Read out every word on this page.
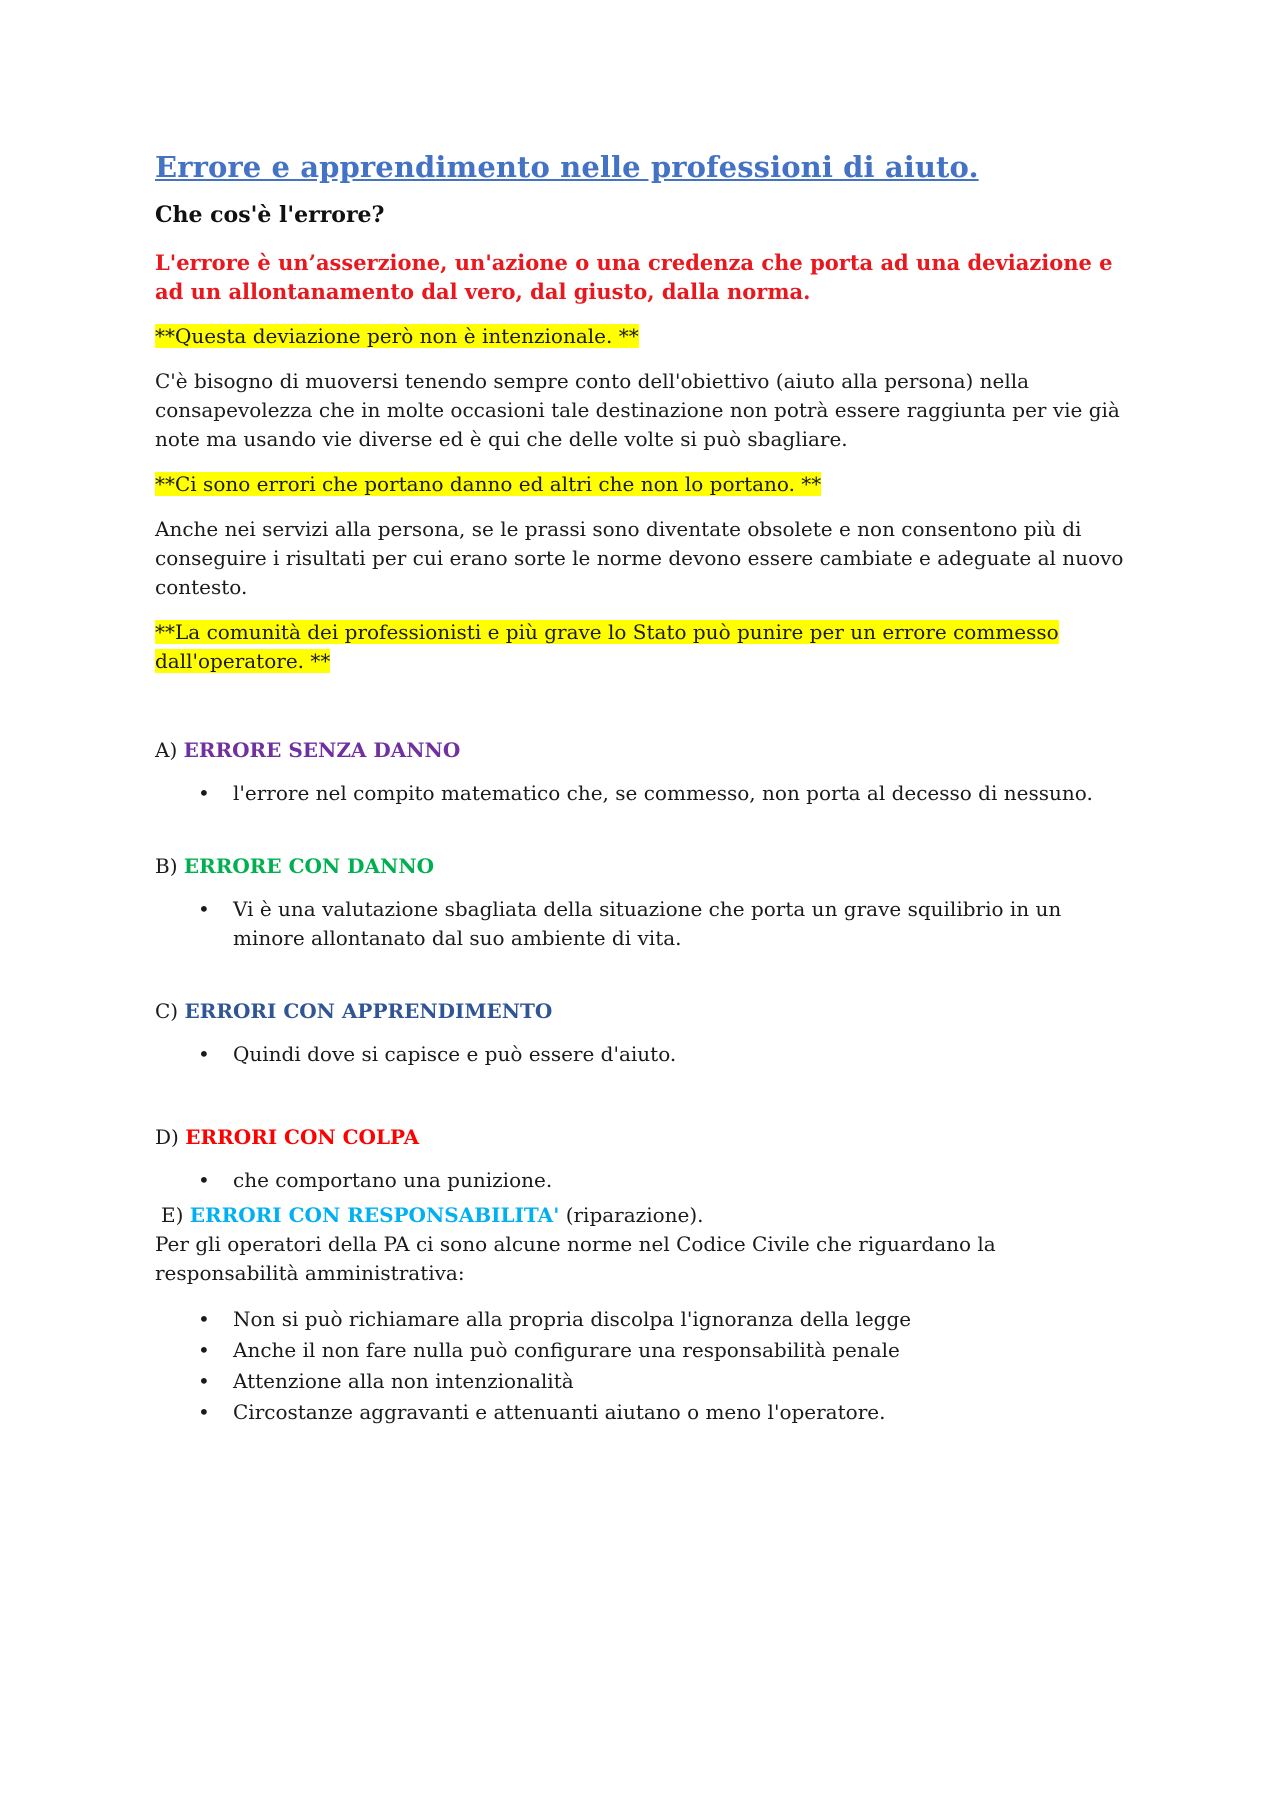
Errore e apprendimento nelle professioni di aiuto.
Che cos'è l'errore?
L'errore è un’asserzione, un'azione o una credenza che porta ad una deviazione e ad un allontanamento dal vero, dal giusto, dalla norma.

**Questa deviazione però non è intenzionale. **

C'è bisogno di muoversi tenendo sempre conto dell'obiettivo (aiuto alla persona) nella consapevolezza che in molte occasioni tale destinazione non potrà essere raggiunta per vie già note ma usando vie diverse ed è qui che delle volte si può sbagliare.

**Ci sono errori che portano danno ed altri che non lo portano. **

Anche nei servizi alla persona, se le prassi sono diventate obsolete e non consentono più di conseguire i risultati per cui erano sorte le norme devono essere cambiate e adeguate al nuovo contesto.

**La comunità dei professionisti e più grave lo Stato può punire per un errore commesso dall'operatore. **

A) ERRORE SENZA DANNO
• l'errore nel compito matematico che, se commesso, non porta al decesso di nessuno.
B) ERRORE CON DANNO
• Vi è una valutazione sbagliata della situazione che porta un grave squilibrio in un minore allontanato dal suo ambiente di vita.
C) ERRORI CON APPRENDIMENTO
• Quindi dove si capisce e può essere d'aiuto.
D) ERRORI CON COLPA
• che comportano una punizione.
E) ERRORI CON RESPONSABILITA' (riparazione).

Per gli operatori della PA ci sono alcune norme nel Codice Civile che riguardano la responsabilità amministrativa:

• Non si può richiamare alla propria discolpa l'ignoranza della legge
• Anche il non fare nulla può configurare una responsabilità penale
• Attenzione alla non intenzionalità
• Circostanze aggravanti e attenuanti aiutano o meno l'operatore.
